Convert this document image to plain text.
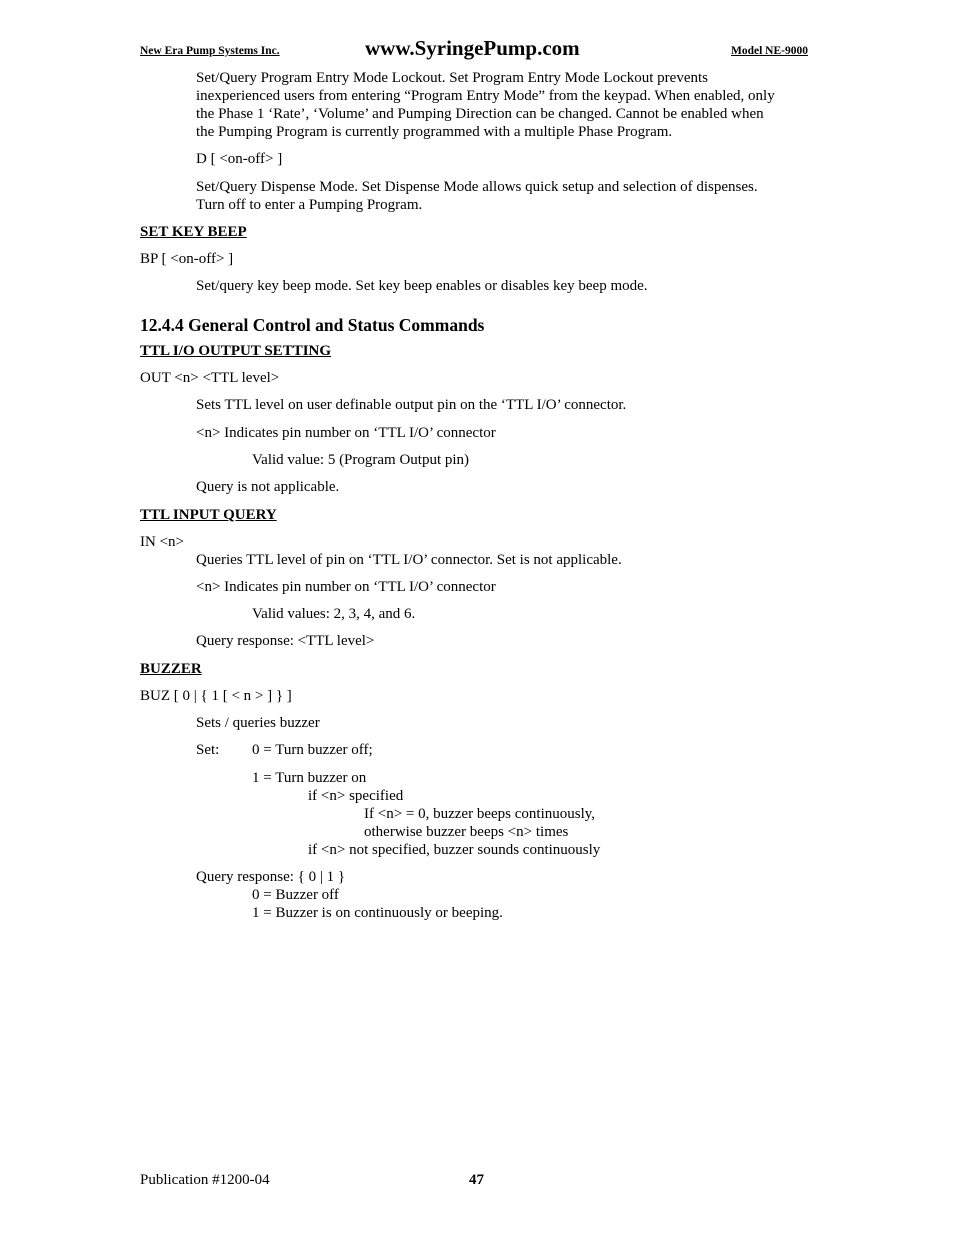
New Era Pump Systems Inc.	www.SyringePump.com	Model NE-9000
Set/Query Program Entry Mode Lockout. Set Program Entry Mode Lockout prevents
inexperienced users from entering “Program Entry Mode” from the keypad. When enabled, only
the Phase 1 ‘Rate’, ‘Volume’ and Pumping Direction can be changed. Cannot be enabled when
the Pumping Program is currently programmed with a multiple Phase Program.
D [ <on-off> ]
Set/Query Dispense Mode. Set Dispense Mode allows quick setup and selection of dispenses.
Turn off to enter a Pumping Program.
SET KEY BEEP
BP [ <on-off> ]
Set/query key beep mode. Set key beep enables or disables key beep mode.
12.4.4 General Control and Status Commands
TTL I/O OUTPUT SETTING
OUT <n> <TTL level>
Sets TTL level on user definable output pin on the ‘TTL I/O’ connector.
<n> Indicates pin number on ‘TTL I/O’ connector
Valid value: 5 (Program Output pin)
Query is not applicable.
TTL INPUT QUERY
IN <n>
Queries TTL level of pin on ‘TTL I/O’ connector. Set is not applicable.
<n> Indicates pin number on ‘TTL I/O’ connector
Valid values: 2, 3, 4, and 6.
Query response: <TTL level>
BUZZER
BUZ [ 0 | { 1 [ < n > ] } ]
Sets / queries buzzer
Set: 0 = Turn buzzer off;
1 = Turn buzzer on
if <n> specified
If <n> = 0, buzzer beeps continuously,
otherwise buzzer beeps <n> times
if <n> not specified, buzzer sounds continuously
Query response: { 0 | 1 }
0 = Buzzer off
1 = Buzzer is on continuously or beeping.
Publication #1200-04	47
